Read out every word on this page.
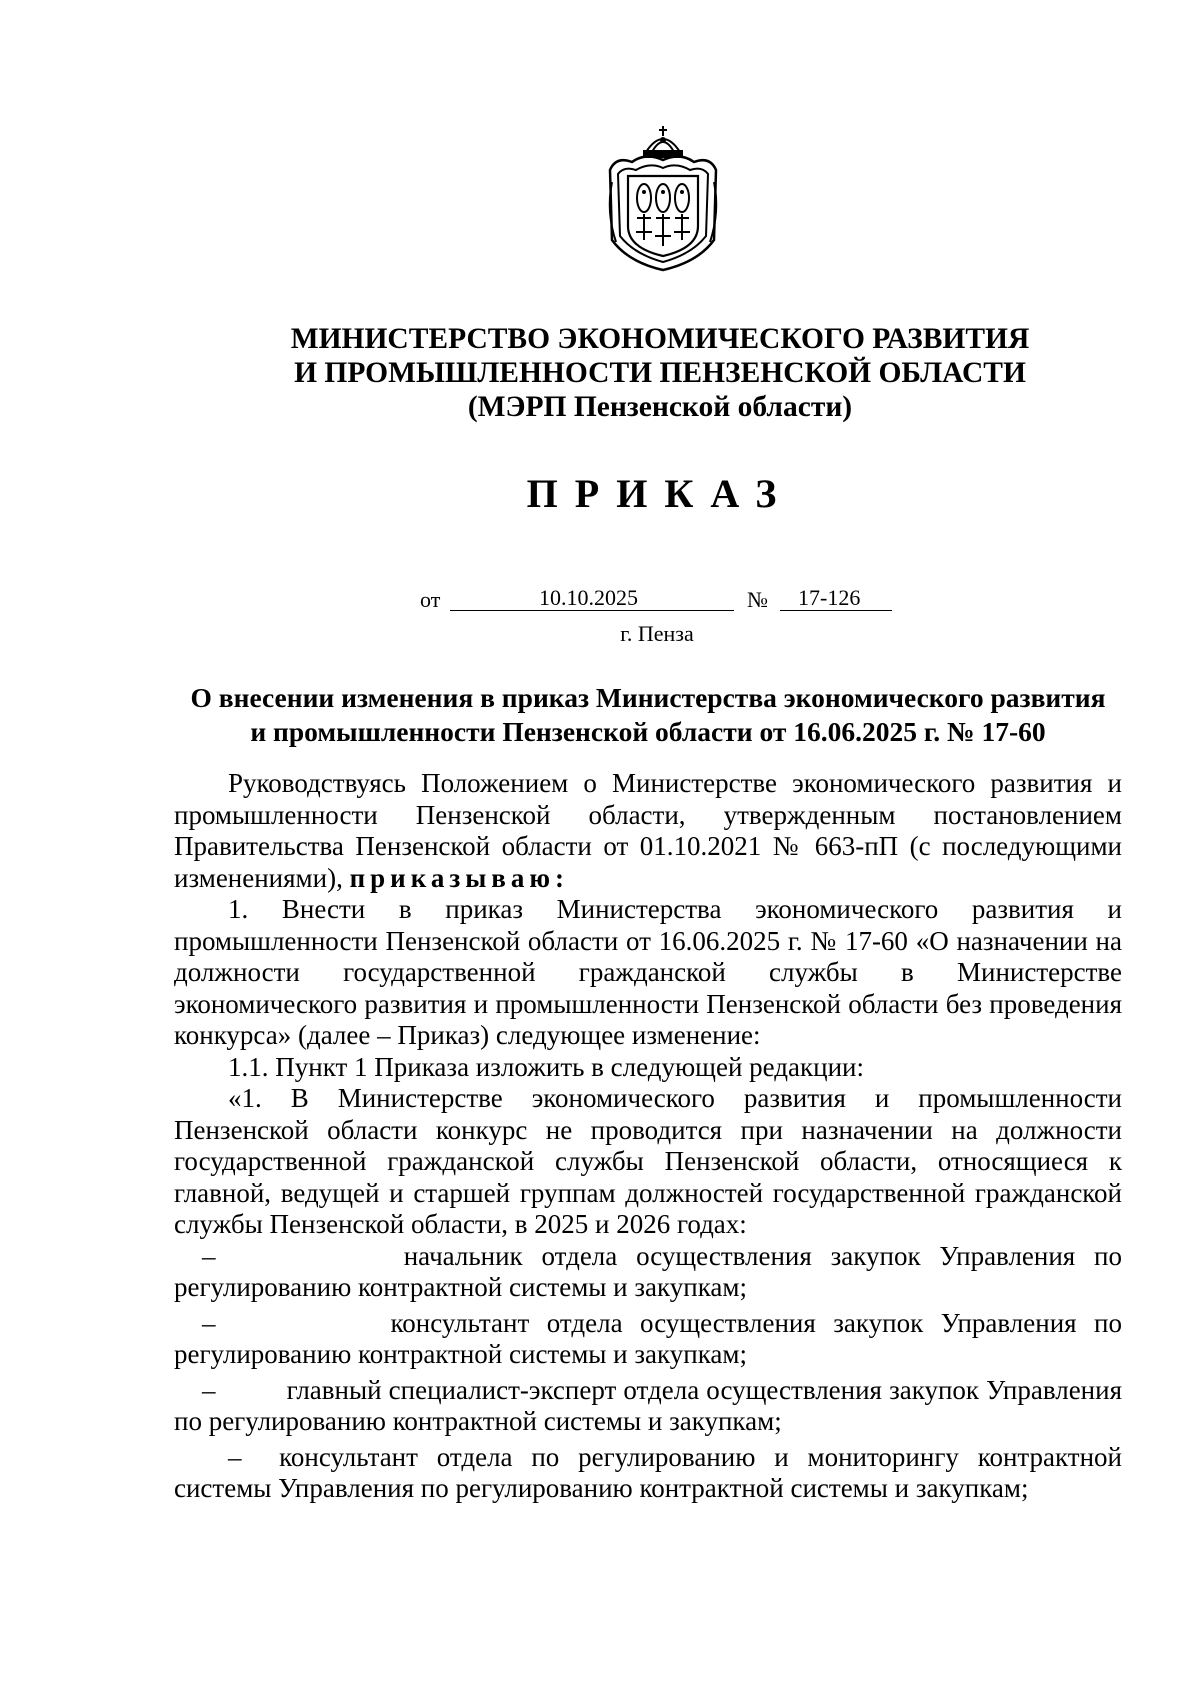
МИНИСТЕРСТВО ЭКОНОМИЧЕСКОГО РАЗВИТИЯ
И ПРОМЫШЛЕННОСТИ ПЕНЗЕНСКОЙ ОБЛАСТИ
(МЭРП Пензенской области)
ПРИКАЗ
от	10.10.2025	№ 17-126
г. Пенза
О внесении изменения в приказ Министерства экономического развития
и промышленности Пензенской области от 16.06.2025 г. № 17-60

Руководствуясь Положением о Министерстве экономического развития и промышленности Пензенской области, утвержденным постановлением Правительства Пензенской области от 01.10.2021 № 663-пП (с последующими изменениями), приказываю:

1. Внести в приказ Министерства экономического развития и промышленности Пензенской области от 16.06.2025 г. № 17-60 «О назначении на должности государственной гражданской службы в Министерстве экономического развития и промышленности Пензенской области без проведения конкурса» (далее – Приказ) следующее изменение:

1.1. Пункт 1 Приказа изложить в следующей редакции:

«1. В Министерстве экономического развития и промышленности Пензенской области конкурс не проводится при назначении на должности государственной гражданской службы Пензенской области, относящиеся к главной, ведущей и старшей группам должностей государственной гражданской службы Пензенской области, в 2025 и 2026 годах:

–	начальник отдела осуществления закупок Управления по регулированию контрактной системы и закупкам;

–	консультант отдела осуществления закупок Управления по регулированию контрактной системы и закупкам;

–	главный специалист-эксперт отдела осуществления закупок Управления по регулированию контрактной системы и закупкам;

– консультант отдела по регулированию и мониторингу контрактной системы Управления по регулированию контрактной системы и закупкам;
